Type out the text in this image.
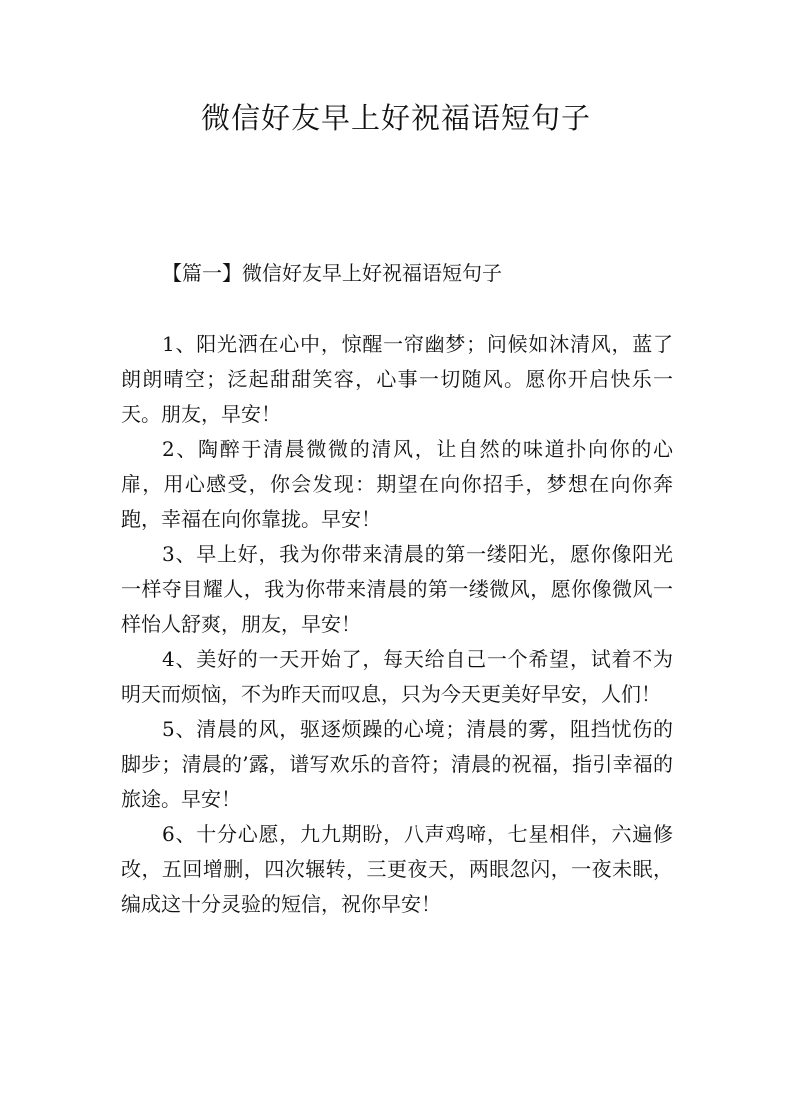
微信好友早上好祝福语短句子

【篇一】微信好友早上好祝福语短句子

1、阳光洒在心中，惊醒一帘幽梦；问候如沐清风，蓝了朗朗晴空；泛起甜甜笑容，心事一切随风。愿你开启快乐一天。朋友，早安！

2、陶醉于清晨微微的清风，让自然的味道扑向你的心扉，用心感受，你会发现：期望在向你招手，梦想在向你奔跑，幸福在向你靠拢。早安！

3、早上好，我为你带来清晨的第一缕阳光，愿你像阳光一样夺目耀人，我为你带来清晨的第一缕微风，愿你像微风一样怡人舒爽，朋友，早安！

4、美好的一天开始了，每天给自己一个希望，试着不为明天而烦恼，不为昨天而叹息，只为今天更美好早安，人们！

5、清晨的风，驱逐烦躁的心境；清晨的雾，阻挡忧伤的脚步；清晨的’露，谱写欢乐的音符；清晨的祝福，指引幸福的旅途。早安！

6、十分心愿，九九期盼，八声鸡啼，七星相伴，六遍修改，五回增删，四次辗转，三更夜天，两眼忽闪，一夜未眠，编成这十分灵验的短信，祝你早安！
